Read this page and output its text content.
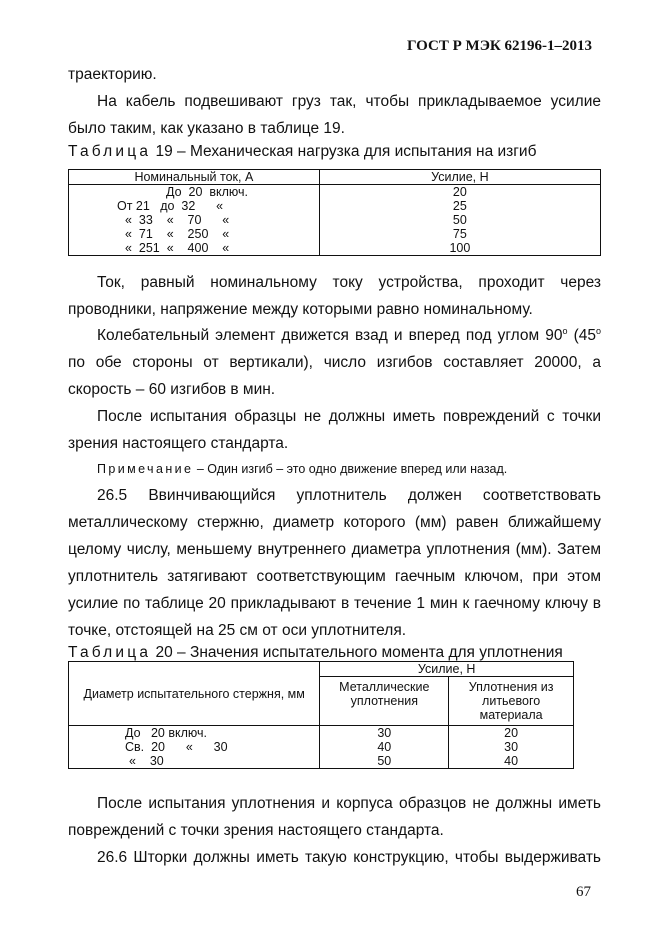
ГОСТ Р МЭК 62196-1–2013

траекторию.

На кабель подвешивают груз так, чтобы прикладываемое усилие было таким, как указано в таблице 19.

Таблица 19 – Механическая нагрузка для испытания на изгиб
Номинальный ток, А	Усилие, Н
До  20  включ.	20
От 21   до  32      «	25
«  33    «    70      «	50
«  71    «    250    «	75
«  251  «    400    «	100

Ток, равный номинальному току устройства, проходит через проводники, напряжение между которыми равно номинальному.

Колебательный элемент движется взад и вперед под углом $90^о$ ($45^о$ по обе стороны от вертикали), число изгибов составляет 20000, а скорость – 60 изгибов в мин.

После испытания образцы не должны иметь повреждений с точки зрения настоящего стандарта.

Примечание – Один изгиб – это одно движение вперед или назад.

26.5 Ввинчивающийся уплотнитель должен соответствовать металлическому стержню, диаметр которого (мм) равен ближайшему целому числу, меньшему внутреннего диаметра уплотнения (мм). Затем уплотнитель затягивают соответствующим гаечным ключом, при этом усилие по таблице 20 прикладывают в течение 1 мин к гаечному ключу в точке, отстоящей на 25 см от оси уплотнителя.

Таблица 20 – Значения испытательного момента для уплотнения
Диаметр испытательного стержня, мм	Усилие, Н	
	Металлические уплотнения	Уплотнения из литьевого материала
До   20 включ.	30	20
Св.  20      «      30	40	30
«    30	50	40

После испытания уплотнения и корпуса образцов не должны иметь повреждений с точки зрения настоящего стандарта.

26.6 Шторки должны иметь такую конструкцию, чтобы выдерживать

67
